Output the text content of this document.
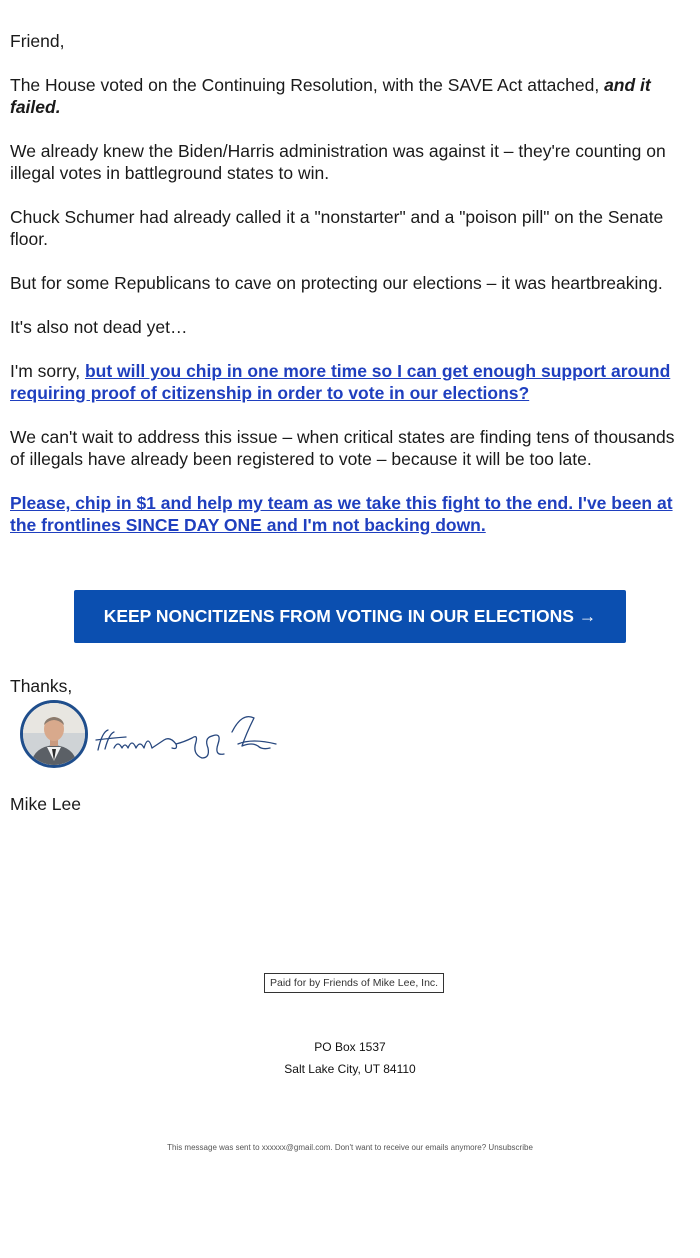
Friend,

The House voted on the Continuing Resolution, with the SAVE Act attached, and it failed.

We already knew the Biden/Harris administration was against it – they're counting on illegal votes in battleground states to win.

Chuck Schumer had already called it a "nonstarter" and a "poison pill" on the Senate floor.

But for some Republicans to cave on protecting our elections – it was heartbreaking.

It's also not dead yet…

I'm sorry, but will you chip in one more time so I can get enough support around requiring proof of citizenship in order to vote in our elections?

We can't wait to address this issue – when critical states are finding tens of thousands of illegals have already been registered to vote – because it will be too late.

Please, chip in $1 and help my team as we take this fight to the end. I've been at the frontlines SINCE DAY ONE and I'm not backing down.

KEEP NONCITIZENS FROM VOTING IN OUR ELECTIONS →
Thanks,
Mike Lee
Paid for by Friends of Mike Lee, Inc.
PO Box 1537
Salt Lake City, UT 84110
This message was sent to xxxxxx@gmail.com. Don't want to receive our emails anymore? Unsubscribe
